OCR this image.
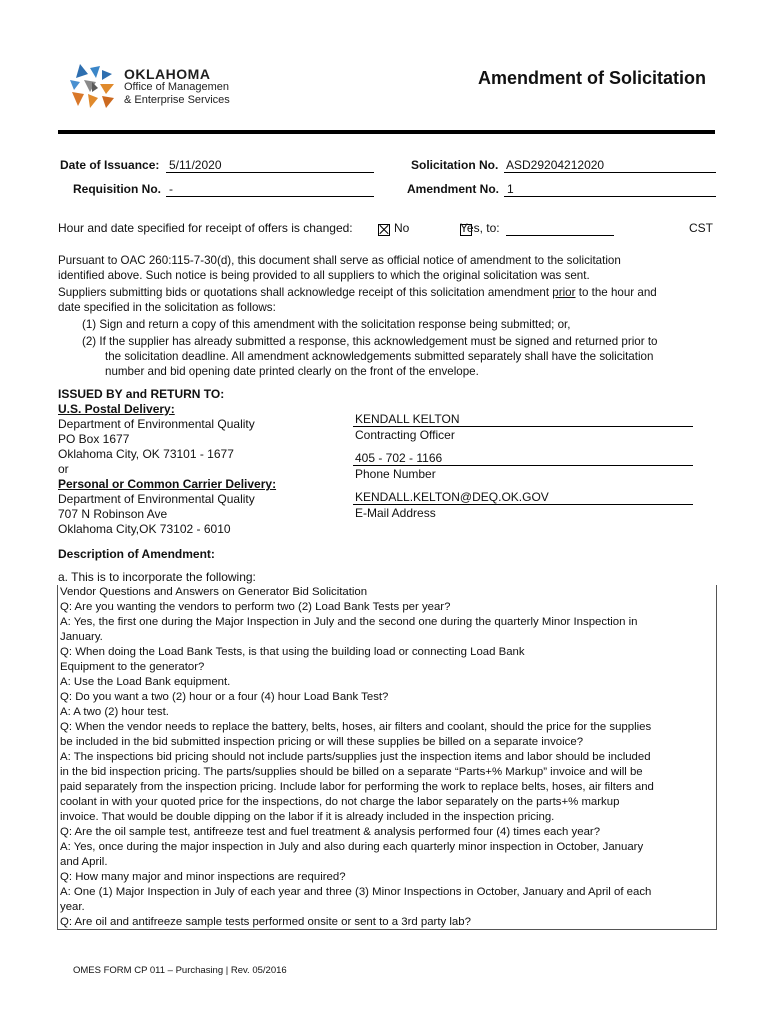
OKLAHOMA
Office of Managemen
& Enterprise Services
Amendment of Solicitation
Date of Issuance: 5/11/2020	Solicitation No. ASD29204212020
Requisition No. -	Amendment No. 1
Hour and date specified for receipt of offers is changed:
	No	Yes, to:	CST
Pursuant to OAC 260:115-7-30(d), this document shall serve as official notice of amendment to the solicitation
identified above. Such notice is being provided to all suppliers to which the original solicitation was sent.
Suppliers submitting bids or quotations shall acknowledge receipt of this solicitation amendment prior to the hour and
date specified in the solicitation as follows:
(1) Sign and return a copy of this amendment with the solicitation response being submitted; or,
(2) If the supplier has already submitted a response, this acknowledgement must be signed and returned prior to
the solicitation deadline. All amendment acknowledgements submitted separately shall have the solicitation
number and bid opening date printed clearly on the front of the envelope.
ISSUED BY and RETURN TO:
U.S. Postal Delivery:
Department of Environmental Quality
PO Box 1677
Oklahoma City, OK 73101 - 1677
or
Personal or Common Carrier Delivery:
Department of Environmental Quality
707 N Robinson Ave
Oklahoma City,OK 73102 - 6010
KENDALL KELTON
Contracting Officer
405 - 702 - 1166
Phone Number
KENDALL.KELTON@DEQ.OK.GOV
E-Mail Address
Description of Amendment:
a. This is to incorporate the following:
Vendor Questions and Answers on Generator Bid Solicitation
Q: Are you wanting the vendors to perform two (2) Load Bank Tests per year?
A: Yes, the first one during the Major Inspection in July and the second one during the quarterly Minor Inspection in
January.
Q: When doing the Load Bank Tests, is that using the building load or connecting Load Bank
Equipment to the generator?
A: Use the Load Bank equipment.
Q: Do you want a two (2) hour or a four (4) hour Load Bank Test?
A: A two (2) hour test.
Q: When the vendor needs to replace the battery, belts, hoses, air filters and coolant, should the price for the supplies
be included in the bid submitted inspection pricing or will these supplies be billed on a separate invoice?
A: The inspections bid pricing should not include parts/supplies just the inspection items and labor should be included
in the bid inspection pricing. The parts/supplies should be billed on a separate “Parts+% Markup” invoice and will be
paid separately from the inspection pricing. Include labor for performing the work to replace belts, hoses, air filters and
coolant in with your quoted price for the inspections, do not charge the labor separately on the parts+% markup
invoice. That would be double dipping on the labor if it is already included in the inspection pricing.
Q: Are the oil sample test, antifreeze test and fuel treatment & analysis performed four (4) times each year?
A: Yes, once during the major inspection in July and also during each quarterly minor inspection in October, January
and April.
Q: How many major and minor inspections are required?
A: One (1) Major Inspection in July of each year and three (3) Minor Inspections in October, January and April of each
year.
Q: Are oil and antifreeze sample tests performed onsite or sent to a 3rd party lab?
OMES FORM CP 011 – Purchasing | Rev. 05/2016
